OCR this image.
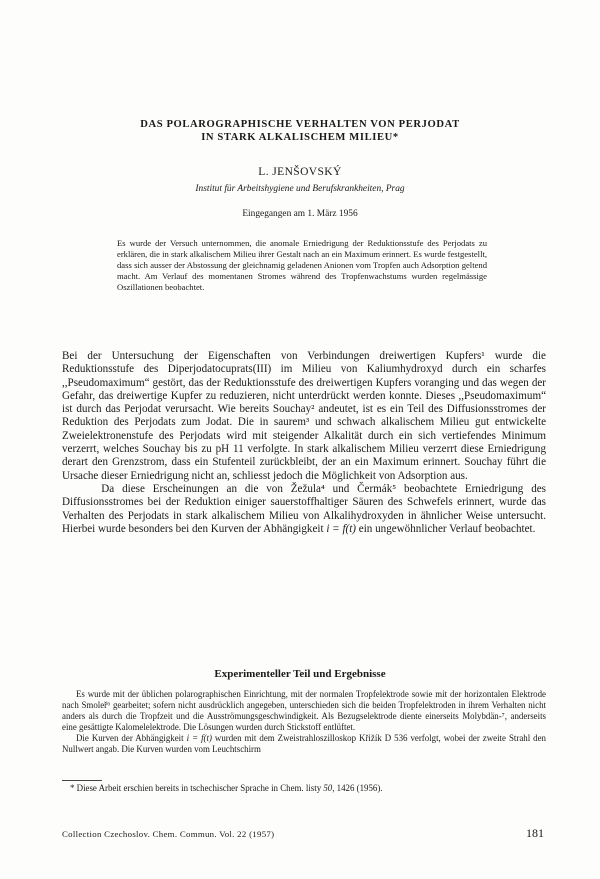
DAS POLAROGRAPHISCHE VERHALTEN VON PERJODAT
IN STARK ALKALISCHEM MILIEU*
L. JENŠOVSKÝ
Institut für Arbeitshygiene und Berufskrankheiten, Prag
Eingegangen am 1. März 1956

Es wurde der Versuch unternommen, die anomale Erniedrigung der Reduktionsstufe des Perjodats zu erklären, die in stark alkalischem Milieu ihrer Gestalt nach an ein Maximum erinnert. Es wurde festgestellt, dass sich ausser der Abstossung der gleichnamig geladenen Anionen vom Tropfen auch Adsorption geltend macht. Am Verlauf des momentanen Stromes während des Tropfenwachstums wurden regelmässige Oszillationen beobachtet.

Bei der Untersuchung der Eigenschaften von Verbindungen dreiwertigen Kupfers¹ wurde die Reduktionsstufe des Diperjodatocuprats(III) im Milieu von Kaliumhydroxyd durch ein scharfes ,,Pseudomaximum“ gestört, das der Reduktionsstufe des dreiwertigen Kupfers voranging und das wegen der Gefahr, das dreiwertige Kupfer zu reduzieren, nicht unterdrückt werden konnte. Dieses ,,Pseudomaximum“ ist durch das Perjodat verursacht. Wie bereits Souchay² andeutet, ist es ein Teil des Diffusionsstromes der Reduktion des Perjodats zum Jodat. Die in saurem³ und schwach alkalischem Milieu gut entwickelte Zweielektronenstufe des Perjodats wird mit steigender Alkalität durch ein sich vertiefendes Minimum verzerrt, welches Souchay bis zu pH 11 verfolgte. In stark alkalischem Milieu verzerrt diese Erniedrigung derart den Grenzstrom, dass ein Stufenteil zurückbleibt, der an ein Maximum erinnert. Souchay führt die Ursache dieser Erniedrigung nicht an, schliesst jedoch die Möglichkeit von Adsorption aus.

Da diese Erscheinungen an die von Žežula⁴ und Čermák⁵ beobachtete Erniedrigung des Diffusionsstromes bei der Reduktion einiger sauerstoffhaltiger Säuren des Schwefels erinnert, wurde das Verhalten des Perjodats in stark alkalischem Milieu von Alkalihydroxyden in ähnlicher Weise untersucht. Hierbei wurde besonders bei den Kurven der Abhängigkeit i = f(t) ein ungewöhnlicher Verlauf beobachtet.

Experimenteller Teil und Ergebnisse

Es wurde mit der üblichen polarographischen Einrichtung, mit der normalen Tropfelektrode sowie mit der horizontalen Elektrode nach Smoleř⁶ gearbeitet; sofern nicht ausdrücklich angegeben, unterschieden sich die beiden Tropfelektroden in ihrem Verhalten nicht anders als durch die Tropfzeit und die Ausströmungsgeschwindigkeit. Als Bezugselektrode diente einerseits Molybdän-⁷, anderseits eine gesättigte Kalomelelektrode. Die Lösungen wurden durch Stickstoff entlüftet.

Die Kurven der Abhängigkeit i = f(t) wurden mit dem Zweistrahloszilloskop Křižík D 536 verfolgt, wobei der zweite Strahl den Nullwert angab. Die Kurven wurden vom Leuchtschirm

* Diese Arbeit erschien bereits in tschechischer Sprache in Chem. listy 50, 1426 (1956).

Collection Czechoslov. Chem. Commun. Vol. 22 (1957)	181
